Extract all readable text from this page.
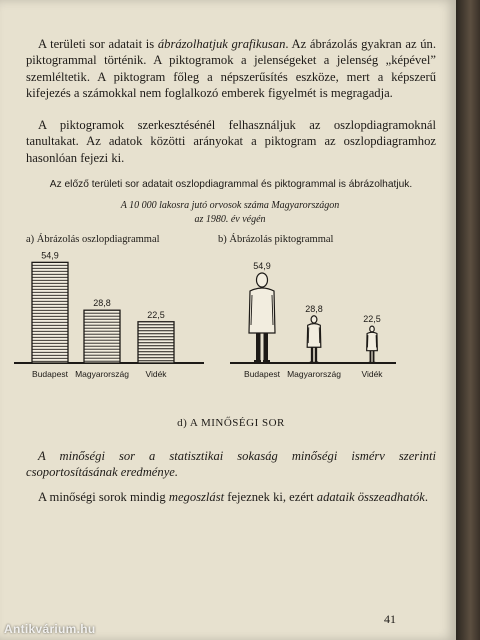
A területi sor adatait is ábrázolhatjuk grafikusan. Az ábrázolás gyakran az ún. piktogrammal történik. A piktogramok a jelenségeket a jelenség „képével” szemléltetik. A piktogram főleg a népszerűsítés eszköze, mert a képszerű kifejezés a számokkal nem foglalkozó emberek figyelmét is megragadja.

A piktogramok szerkesztésénél felhasználjuk az oszlopdiagramoknál tanultakat. Az adatok közötti arányokat a piktogram az oszlopdiagramhoz hasonlóan fejezi ki.

Az előző területi sor adatait oszlopdiagrammal és piktogrammal is ábrázolhatjuk.
A 10 000 lakosra jutó orvosok száma Magyarországon
az 1980. év végén
a) Ábrázolás oszlopdiagrammal	b) Ábrázolás piktogrammal
54,9
Budapest
28,8
Magyarország
22,5
Vidék
54,9
Budapest
28,8
Magyarország
22,5
Vidék
d) A MINŐSÉGI SOR

A minőségi sor a statisztikai sokaság minőségi ismérv szerinti csoportosításának eredménye.

A minőségi sorok mindig megoszlást fejeznek ki, ezért adataik összeadhatók.

41
Antikvárium.hu
